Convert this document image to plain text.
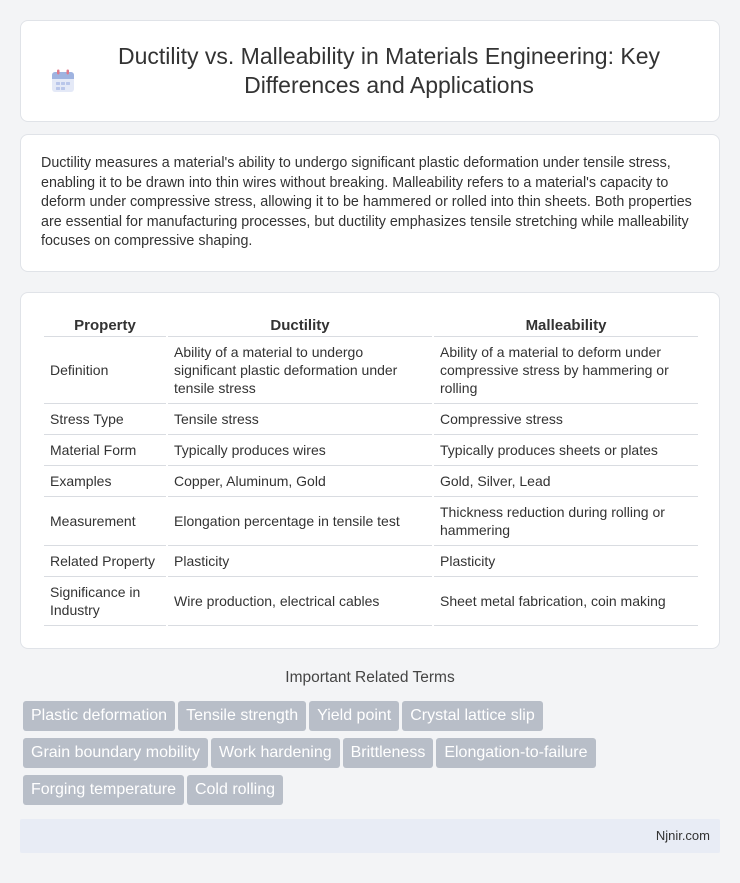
Ductility vs. Malleability in Materials Engineering: Key Differences and Applications

Ductility measures a material's ability to undergo significant plastic deformation under tensile stress, enabling it to be drawn into thin wires without breaking. Malleability refers to a material's capacity to deform under compressive stress, allowing it to be hammered or rolled into thin sheets. Both properties are essential for manufacturing processes, but ductility emphasizes tensile stretching while malleability focuses on compressive shaping.

Property	Ductility	Malleability
Definition	Ability of a material to undergo significant plastic deformation under tensile stress	Ability of a material to deform under compressive stress by hammering or rolling
Stress Type	Tensile stress	Compressive stress
Material Form	Typically produces wires	Typically produces sheets or plates
Examples	Copper, Aluminum, Gold	Gold, Silver, Lead
Measurement	Elongation percentage in tensile test	Thickness reduction during rolling or hammering
Related Property	Plasticity	Plasticity
Significance in Industry	Wire production, electrical cables	Sheet metal fabrication, coin making
Important Related Terms
Plastic deformation Tensile strength Yield point Crystal lattice slip
Grain boundary mobility Work hardening Brittleness Elongation-to-failure
Forging temperature Cold rolling
Njnir.com
